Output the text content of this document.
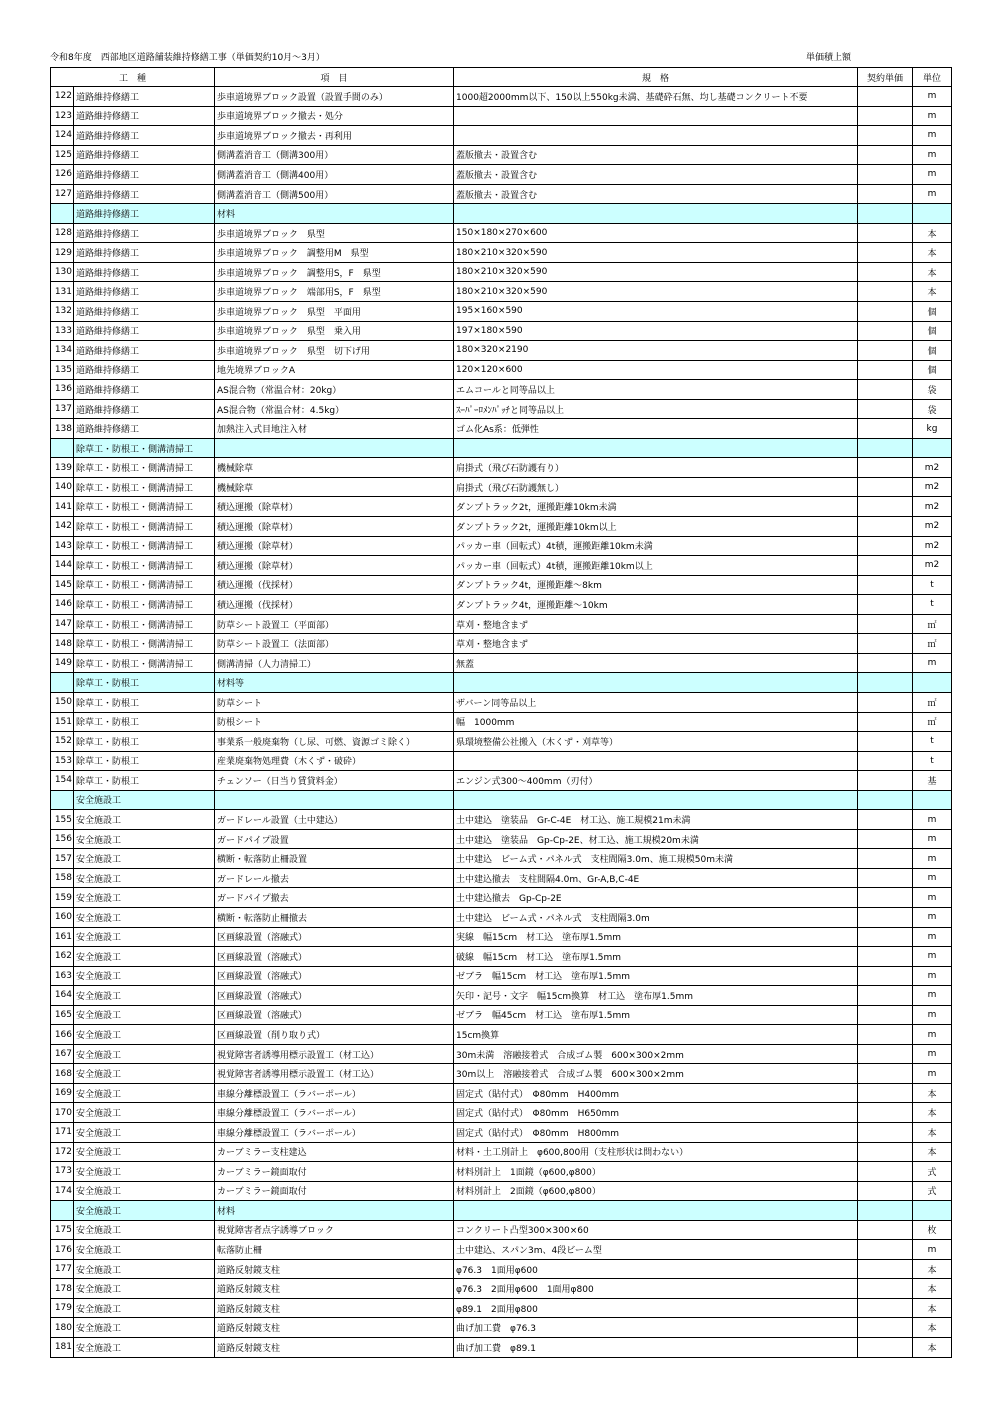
令和8年度　西部地区道路舗装維持修繕工事（単価契約10月～3月）	単価積上額
工　種		項　目	規　格	契約単価	単位
122	道路維持修繕工	歩車道境界ブロック設置（設置手間のみ）	1000超2000mm以下、150以上550kg未満、基礎砕石無、均し基礎コンクリート不要		m
123	道路維持修繕工	歩車道境界ブロック撤去・処分			m
124	道路維持修繕工	歩車道境界ブロック撤去・再利用			m
125	道路維持修繕工	側溝蓋消音工（側溝300用）	蓋版撤去・設置含む		m
126	道路維持修繕工	側溝蓋消音工（側溝400用）	蓋版撤去・設置含む		m
127	道路維持修繕工	側溝蓋消音工（側溝500用）	蓋版撤去・設置含む		m
	道路維持修繕工	材料			
128	道路維持修繕工	歩車道境界ブロック　県型	150×180×270×600		本
129	道路維持修繕工	歩車道境界ブロック　調整用M　県型	180×210×320×590		本
130	道路維持修繕工	歩車道境界ブロック　調整用S，F　県型	180×210×320×590		本
131	道路維持修繕工	歩車道境界ブロック　端部用S，F　県型	180×210×320×590		本
132	道路維持修繕工	歩車道境界ブロック　県型　平面用	195×160×590		個
133	道路維持修繕工	歩車道境界ブロック　県型　乗入用	197×180×590		個
134	道路維持修繕工	歩車道境界ブロック　県型　切下げ用	180×320×2190		個
135	道路維持修繕工	地先境界ブロックA	120×120×600		個
136	道路維持修繕工	AS混合物（常温合材：20kg）	エムコールと同等品以上		袋
137	道路維持修繕工	AS混合物（常温合材：4.5kg）	ｽｰﾊﾟｰﾛﾒﾝﾊﾟｯﾁと同等品以上		袋
138	道路維持修繕工	加熱注入式目地注入材	ゴム化As系：低弾性		kg
	除草工・防根工・側溝清掃工				
139	除草工・防根工・側溝清掃工	機械除草	肩掛式（飛び石防護有り）		m2
140	除草工・防根工・側溝清掃工	機械除草	肩掛式（飛び石防護無し）		m2
141	除草工・防根工・側溝清掃工	積込運搬（除草材）	ダンプトラック2t，運搬距離10km未満		m2
142	除草工・防根工・側溝清掃工	積込運搬（除草材）	ダンプトラック2t，運搬距離10km以上		m2
143	除草工・防根工・側溝清掃工	積込運搬（除草材）	パッカー車（回転式）4t積，運搬距離10km未満		m2
144	除草工・防根工・側溝清掃工	積込運搬（除草材）	パッカー車（回転式）4t積，運搬距離10km以上		m2
145	除草工・防根工・側溝清掃工	積込運搬（伐採材）	ダンプトラック4t，運搬距離～8km		t
146	除草工・防根工・側溝清掃工	積込運搬（伐採材）	ダンプトラック4t，運搬距離～10km		t
147	除草工・防根工・側溝清掃工	防草シート設置工（平面部）	草刈・整地含まず		㎡
148	除草工・防根工・側溝清掃工	防草シート設置工（法面部）	草刈・整地含まず		㎡
149	除草工・防根工・側溝清掃工	側溝清掃（人力清掃工）	無蓋		m
	除草工・防根工	材料等			
150	除草工・防根工	防草シート	ザバーン同等品以上		㎡
151	除草工・防根工	防根シート	幅　1000mm		㎡
152	除草工・防根工	事業系一般廃棄物（し尿、可燃、資源ゴミ除く）	県環境整備公社搬入（木くず・刈草等）		t
153	除草工・防根工	産業廃棄物処理費（木くず・破砕）			t
154	除草工・防根工	チェンソー（日当り賃貸料金）	エンジン式300～400mm（刃付）		基
	安全施設工				
155	安全施設工	ガードレール設置（土中建込）	土中建込　塗装品　Gr-C-4E　材工込、施工規模21m未満		m
156	安全施設工	ガードパイプ設置	土中建込　塗装品　Gp-Cp-2E、材工込、施工規模20m未満		m
157	安全施設工	横断・転落防止柵設置	土中建込　ビーム式・パネル式　支柱間隔3.0m、施工規模50m未満		m
158	安全施設工	ガードレール撤去	土中建込撤去　支柱間隔4.0m、Gr-A,B,C-4E		m
159	安全施設工	ガードパイプ撤去	土中建込撤去　Gp-Cp-2E		m
160	安全施設工	横断・転落防止柵撤去	土中建込　ビーム式・パネル式　支柱間隔3.0m		m
161	安全施設工	区画線設置（溶融式）	実線　幅15cm　材工込　塗布厚1.5mm		m
162	安全施設工	区画線設置（溶融式）	破線　幅15cm　材工込　塗布厚1.5mm		m
163	安全施設工	区画線設置（溶融式）	ゼブラ　幅15cm　材工込　塗布厚1.5mm		m
164	安全施設工	区画線設置（溶融式）	矢印・記号・文字　幅15cm換算　材工込　塗布厚1.5mm		m
165	安全施設工	区画線設置（溶融式）	ゼブラ　幅45cm　材工込　塗布厚1.5mm		m
166	安全施設工	区画線設置（削り取り式）	15cm換算		m
167	安全施設工	視覚障害者誘導用標示設置工（材工込）	30m未満　溶融接着式　合成ゴム製　600×300×2mm		m
168	安全施設工	視覚障害者誘導用標示設置工（材工込）	30m以上　溶融接着式　合成ゴム製　600×300×2mm		m
169	安全施設工	車線分離標設置工（ラバーポール）	固定式（貼付式）　Φ80mm　H400mm		本
170	安全施設工	車線分離標設置工（ラバーポール）	固定式（貼付式）　Φ80mm　H650mm		本
171	安全施設工	車線分離標設置工（ラバーポール）	固定式（貼付式）　Φ80mm　H800mm		本
172	安全施設工	カーブミラー支柱建込	材料・土工別計上　φ600,800用（支柱形状は問わない）		本
173	安全施設工	カーブミラー鏡面取付	材料別計上　1面鏡（φ600,φ800）		式
174	安全施設工	カーブミラー鏡面取付	材料別計上　2面鏡（φ600,φ800）		式
	安全施設工	材料			
175	安全施設工	視覚障害者点字誘導ブロック	コンクリート凸型300×300×60		枚
176	安全施設工	転落防止柵	土中建込、スパン3m、4段ビーム型		m
177	安全施設工	道路反射鏡支柱	φ76.3　1面用φ600		本
178	安全施設工	道路反射鏡支柱	φ76.3　2面用φ600　1面用φ800		本
179	安全施設工	道路反射鏡支柱	φ89.1　2面用φ800		本
180	安全施設工	道路反射鏡支柱	曲げ加工費　φ76.3		本
181	安全施設工	道路反射鏡支柱	曲げ加工費　φ89.1		本
